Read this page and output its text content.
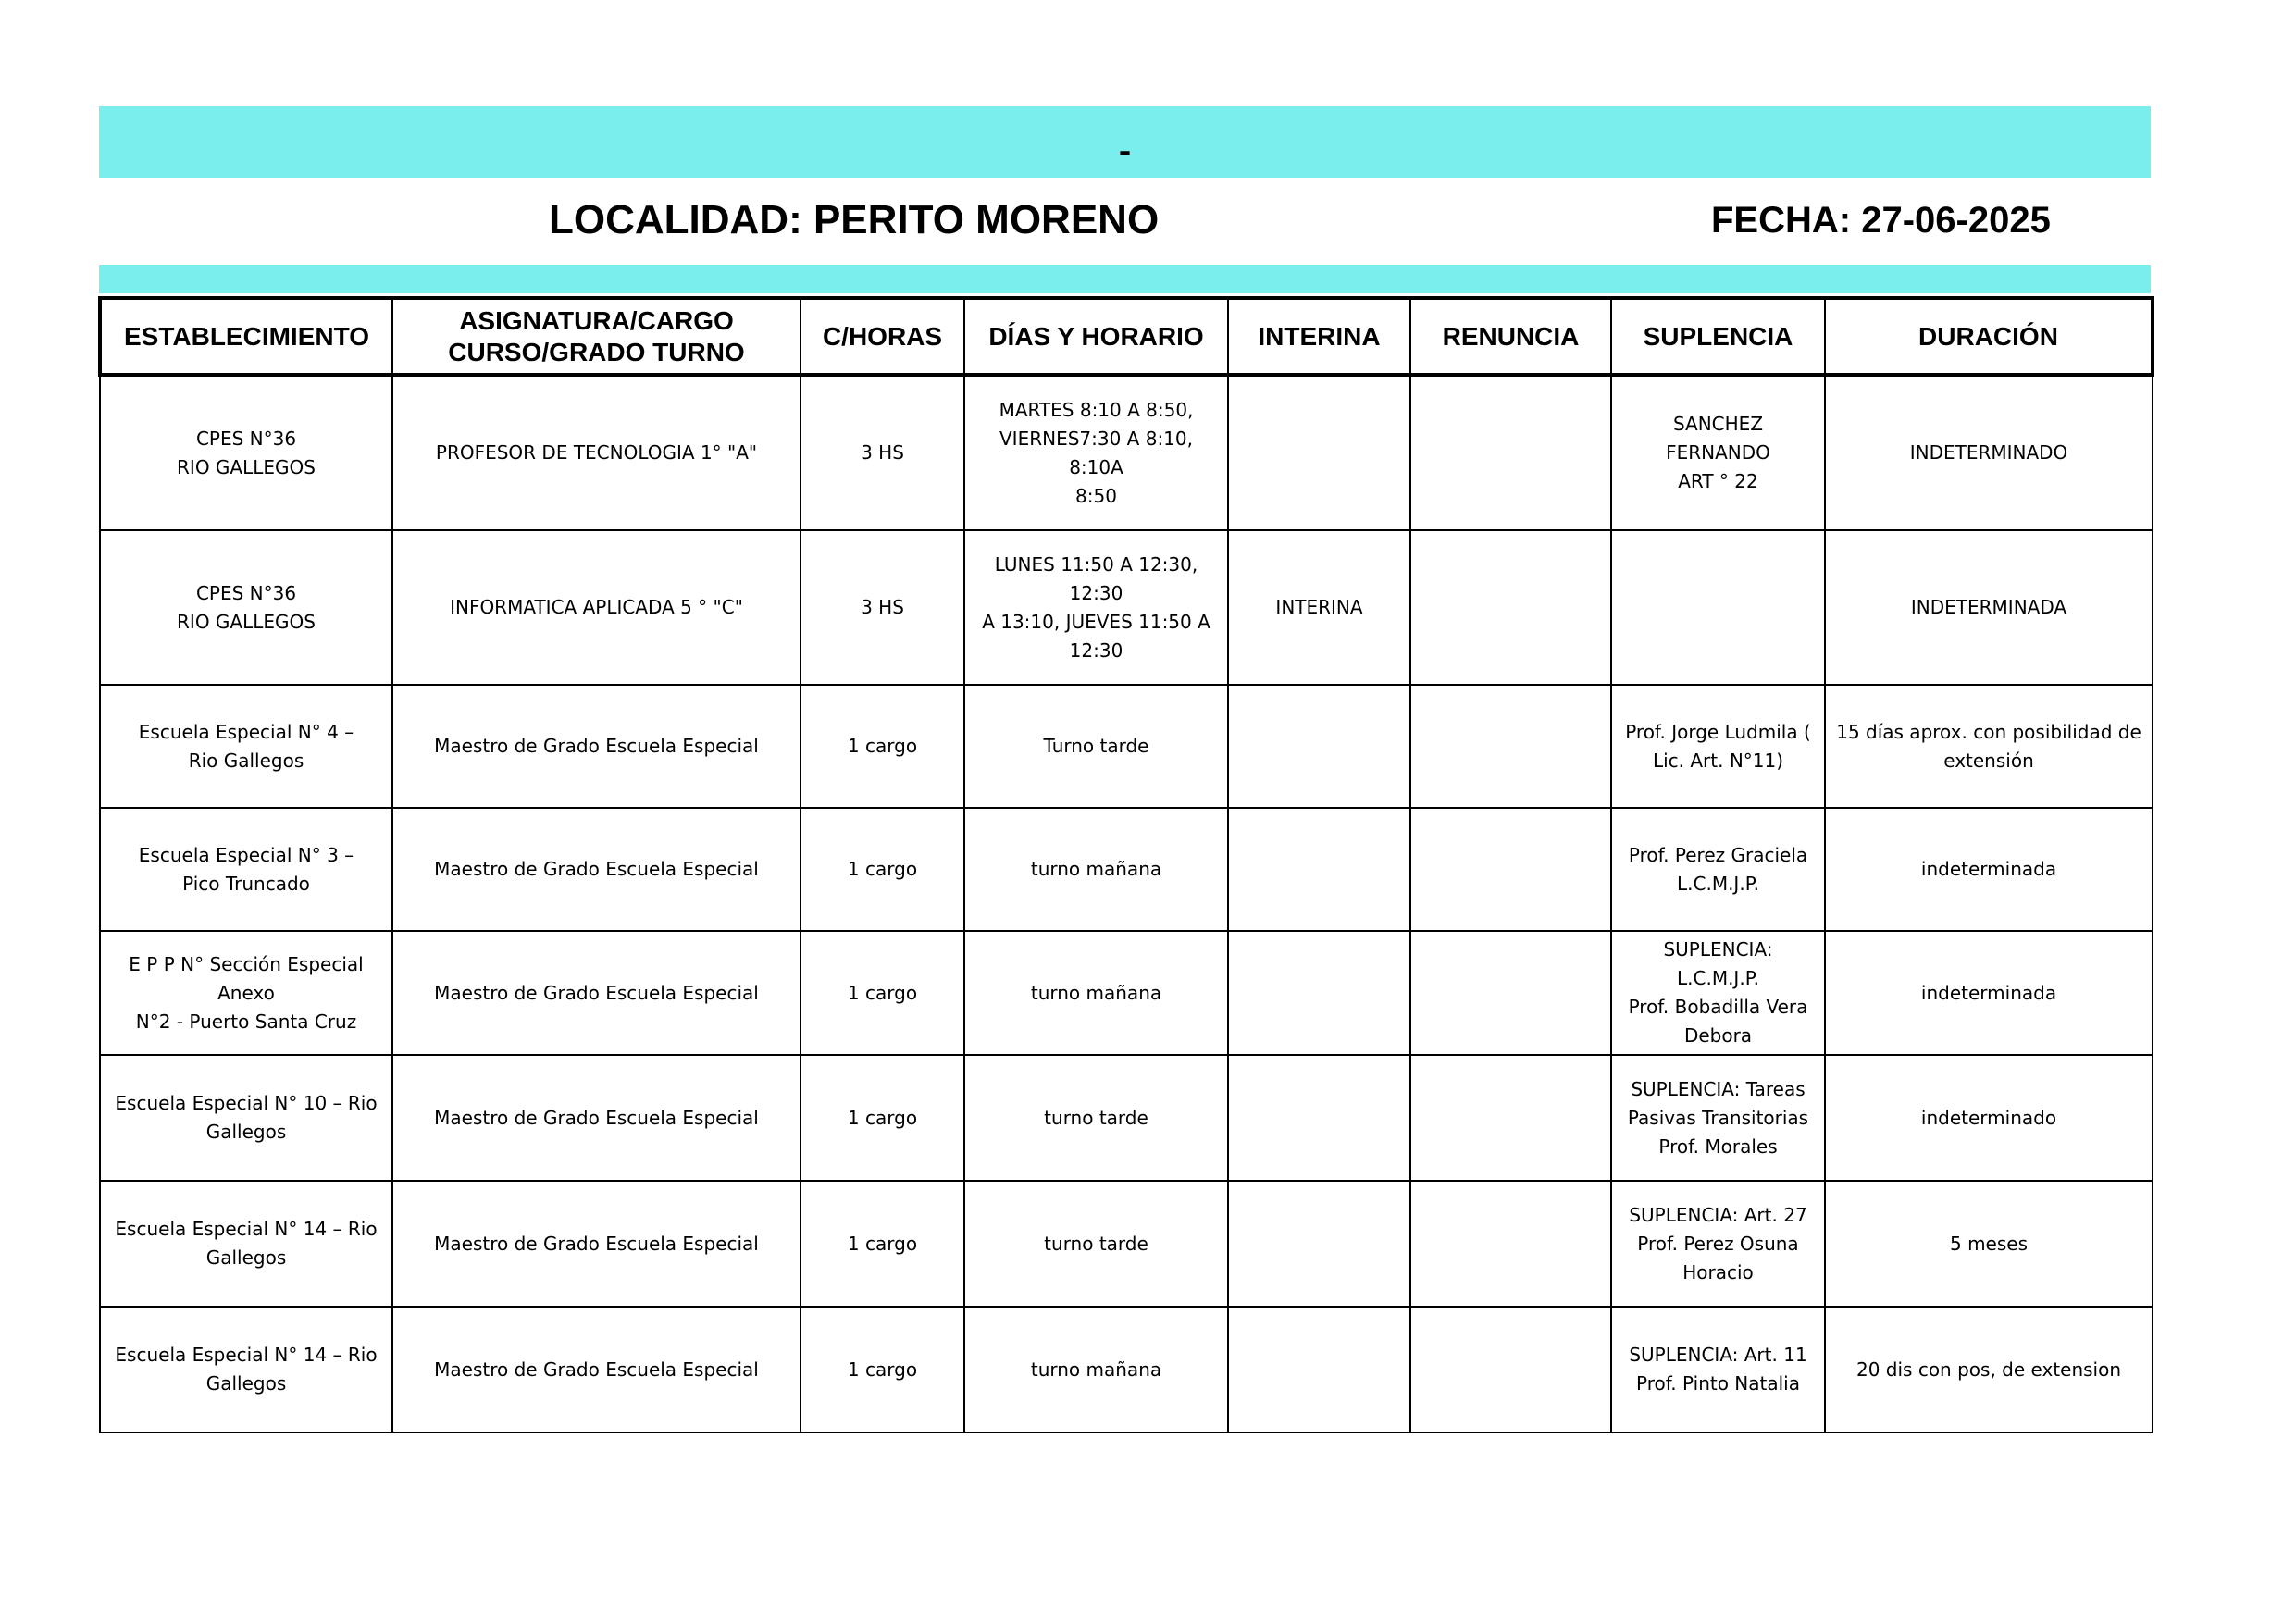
-
LOCALIDAD: PERITO MORENO	FECHA: 27-06-2025
ESTABLECIMIENTO	ASIGNATURA/CARGO
CURSO/GRADO TURNO	C/HORAS	DÍAS Y HORARIO	INTERINA	RENUNCIA	SUPLENCIA	DURACIÓN
CPES N°36
RIO GALLEGOS	PROFESOR DE TECNOLOGIA 1° "A"	3 HS	MARTES 8:10 A 8:50,
VIERNES7:30 A 8:10, 8:10A
8:50			SANCHEZ FERNANDO
ART ° 22	INDETERMINADO
CPES N°36
RIO GALLEGOS	INFORMATICA APLICADA 5 ° "C"	3 HS	LUNES 11:50 A 12:30, 12:30
A 13:10, JUEVES 11:50 A
12:30	INTERINA			INDETERMINADA
Escuela Especial N° 4 –
Rio Gallegos	Maestro de Grado Escuela Especial	1 cargo	Turno tarde			Prof. Jorge Ludmila (
Lic. Art. N°11)	15 días aprox. con posibilidad de
extensión
Escuela Especial N° 3 –
Pico Truncado	Maestro de Grado Escuela Especial	1 cargo	turno mañana			Prof. Perez Graciela
L.C.M.J.P.	indeterminada
E P P N° Sección Especial Anexo
N°2 - Puerto Santa Cruz	Maestro de Grado Escuela Especial	1 cargo	turno mañana			SUPLENCIA: L.C.M.J.P.
Prof. Bobadilla Vera
Debora	indeterminada
Escuela Especial N° 10 – Rio
Gallegos	Maestro de Grado Escuela Especial	1 cargo	turno tarde			SUPLENCIA: Tareas
Pasivas Transitorias
Prof. Morales	indeterminado
Escuela Especial N° 14 – Rio
Gallegos	Maestro de Grado Escuela Especial	1 cargo	turno tarde			SUPLENCIA: Art. 27
Prof. Perez Osuna
Horacio	5 meses
Escuela Especial N° 14 – Rio
Gallegos	Maestro de Grado Escuela Especial	1 cargo	turno mañana			SUPLENCIA: Art. 11
Prof. Pinto Natalia	20 dis con pos, de extension
